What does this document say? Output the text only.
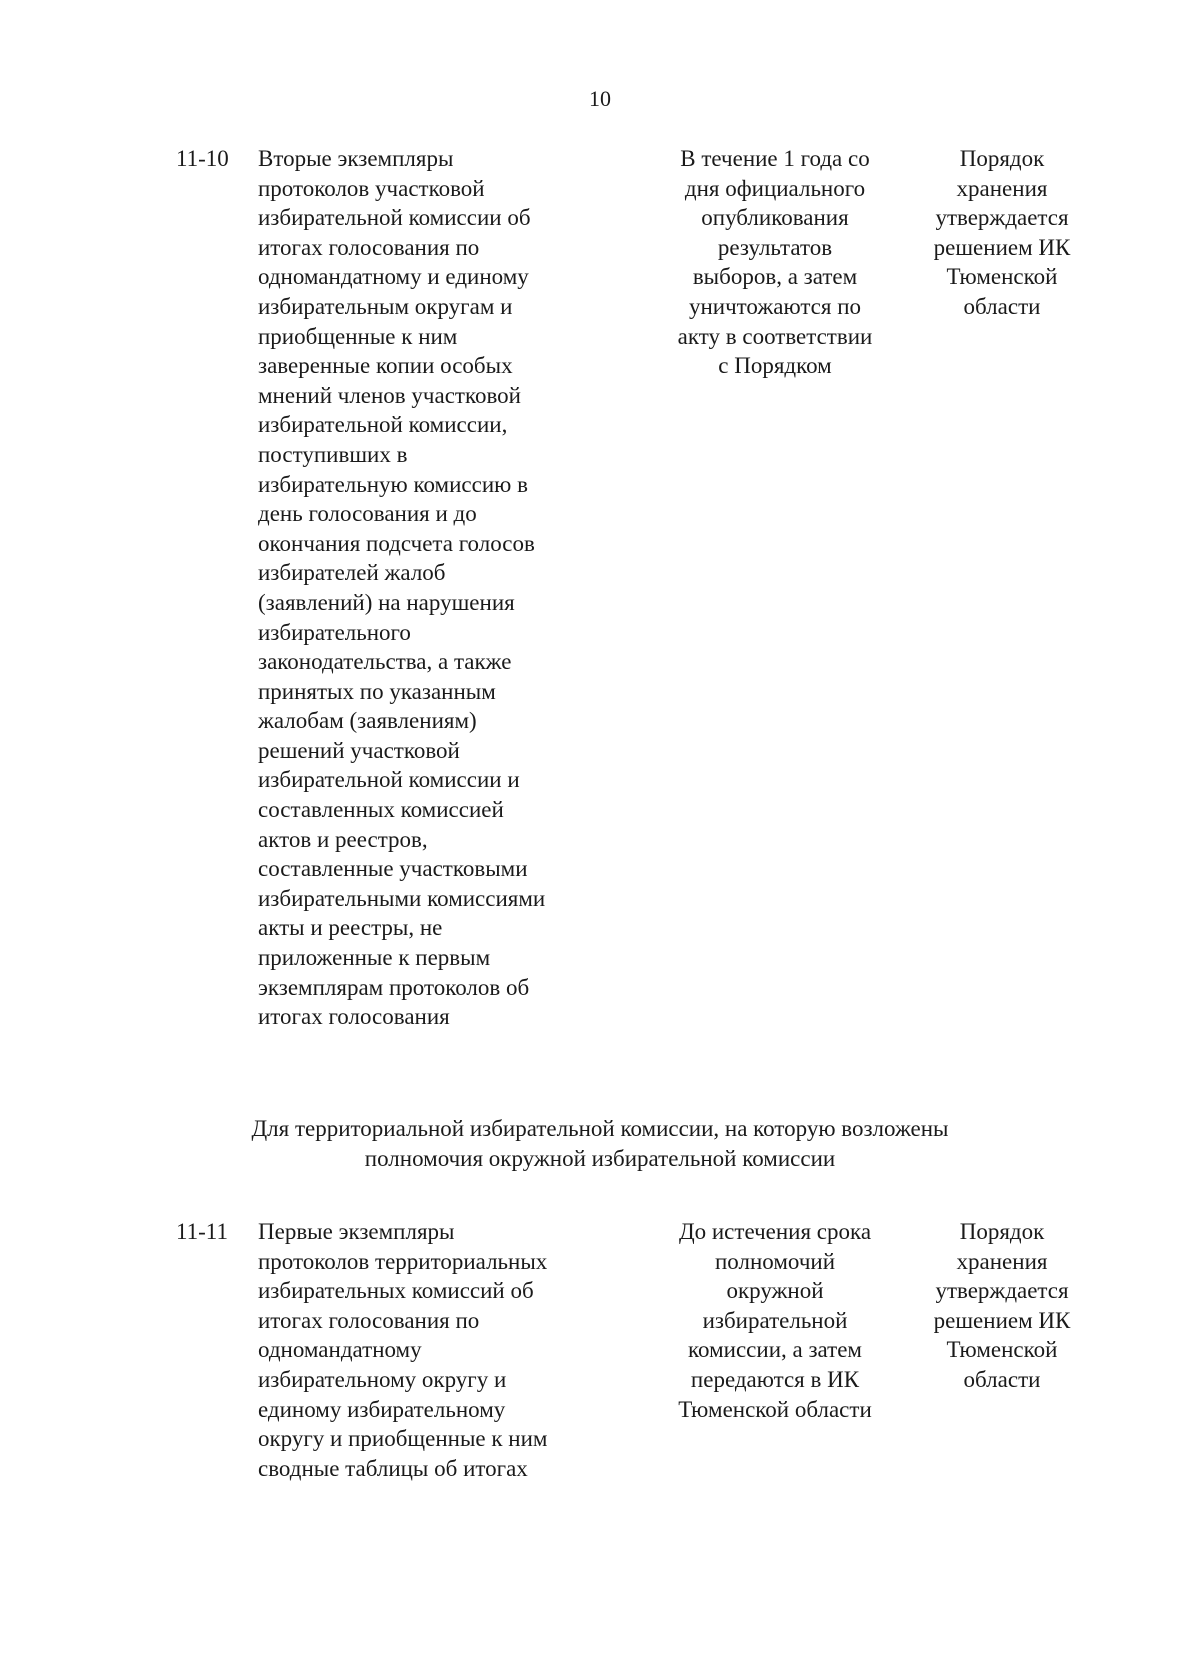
10
11-10 Вторые экземпляры
протоколов участковой
избирательной комиссии об
итогах голосования по
одномандатному и единому
избирательным округам и
приобщенные к ним
заверенные копии особых
мнений членов участковой
избирательной комиссии,
поступивших в
избирательную комиссию в
день голосования и до
окончания подсчета голосов
избирателей жалоб
(заявлений) на нарушения
избирательного
законодательства, а также
принятых по указанным
жалобам (заявлениям)
решений участковой
избирательной комиссии и
составленных комиссией
актов и реестров,
составленные участковыми
избирательными комиссиями
акты и реестры, не
приложенные к первым
экземплярам протоколов об
итогах голосования
В течение 1 года со
дня официального
опубликования
результатов
выборов, а затем
уничтожаются по
акту в соответствии
с Порядком
Порядок
хранения
утверждается
решением ИК
Тюменской
области
Для территориальной избирательной комиссии, на которую возложены
полномочия окружной избирательной комиссии
11-11 Первые экземпляры
протоколов территориальных
избирательных комиссий об
итогах голосования по
одномандатному
избирательному округу и
единому избирательному
округу и приобщенные к ним
сводные таблицы об итогах
До истечения срока
полномочий
окружной
избирательной
комиссии, а затем
передаются в ИК
Тюменской области
Порядок
хранения
утверждается
решением ИК
Тюменской
области
